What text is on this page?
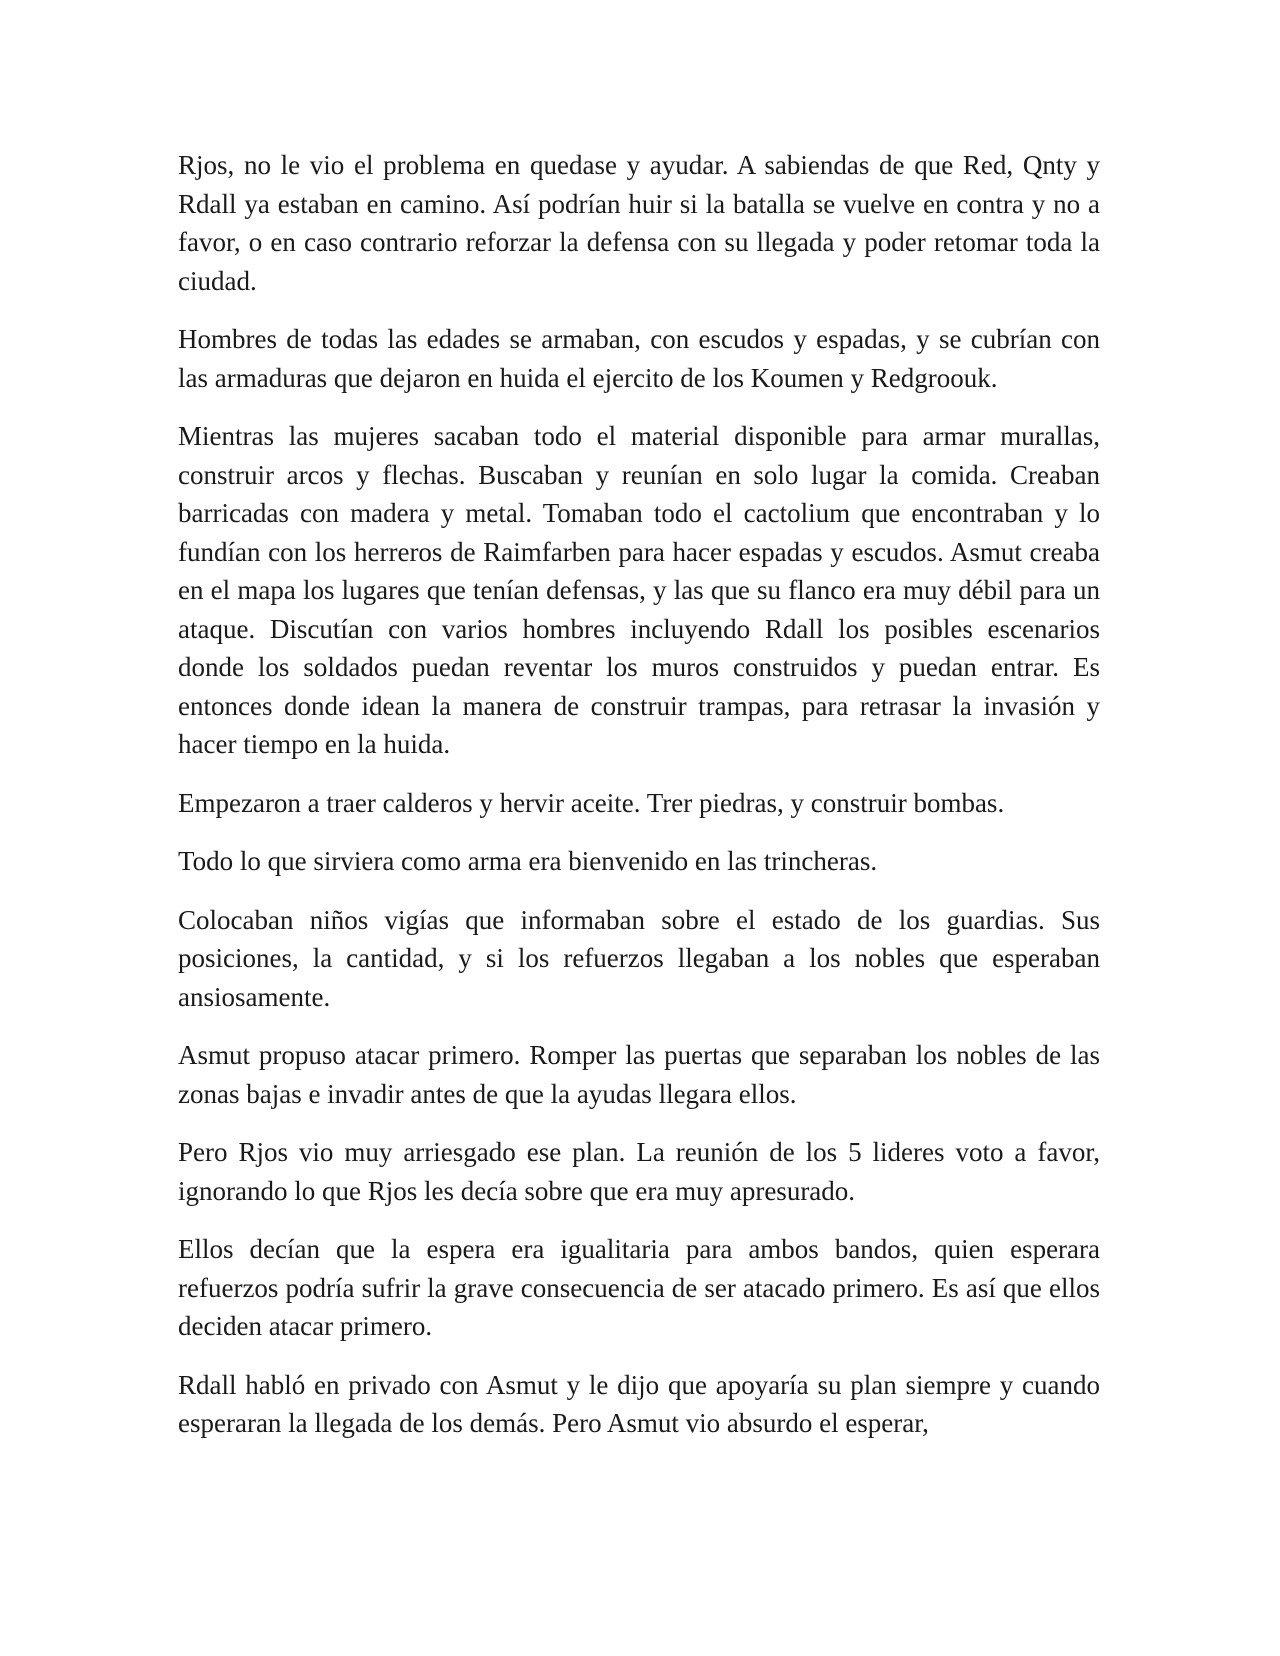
Rjos, no le vio el problema en quedase y ayudar. A sabiendas de que Red, Qnty y Rdall ya estaban en camino. Así podrían huir si la batalla se vuelve en contra y no a favor, o en caso contrario reforzar la defensa con su llegada y poder retomar toda la ciudad.

Hombres de todas las edades se armaban, con escudos y espadas, y se cubrían con las armaduras que dejaron en huida el ejercito de los Koumen y Redgroouk.

Mientras las mujeres sacaban todo el material disponible para armar murallas, construir arcos y flechas. Buscaban y reunían en solo lugar la comida. Creaban barricadas con madera y metal. Tomaban todo el cactolium que encontraban y lo fundían con los herreros de Raimfarben para hacer espadas y escudos. Asmut creaba en el mapa los lugares que tenían defensas, y las que su flanco era muy débil para un ataque. Discutían con varios hombres incluyendo Rdall los posibles escenarios donde los soldados puedan reventar los muros construidos y puedan entrar. Es entonces donde idean la manera de construir trampas, para retrasar la invasión y hacer tiempo en la huida.

Empezaron a traer calderos y hervir aceite. Trer piedras, y construir bombas.

Todo lo que sirviera como arma era bienvenido en las trincheras.

Colocaban niños vigías que informaban sobre el estado de los guardias. Sus posiciones, la cantidad, y si los refuerzos llegaban a los nobles que esperaban ansiosamente.

Asmut propuso atacar primero. Romper las puertas que separaban los nobles de las zonas bajas e invadir antes de que la ayudas llegara ellos.

Pero Rjos vio muy arriesgado ese plan. La reunión de los 5 lideres voto a favor, ignorando lo que Rjos les decía sobre que era muy apresurado.

Ellos decían que la espera era igualitaria para ambos bandos, quien esperara refuerzos podría sufrir la grave consecuencia de ser atacado primero. Es así que ellos deciden atacar primero.

Rdall habló en privado con Asmut y le dijo que apoyaría su plan siempre y cuando esperaran la llegada de los demás. Pero Asmut vio absurdo el esperar,
